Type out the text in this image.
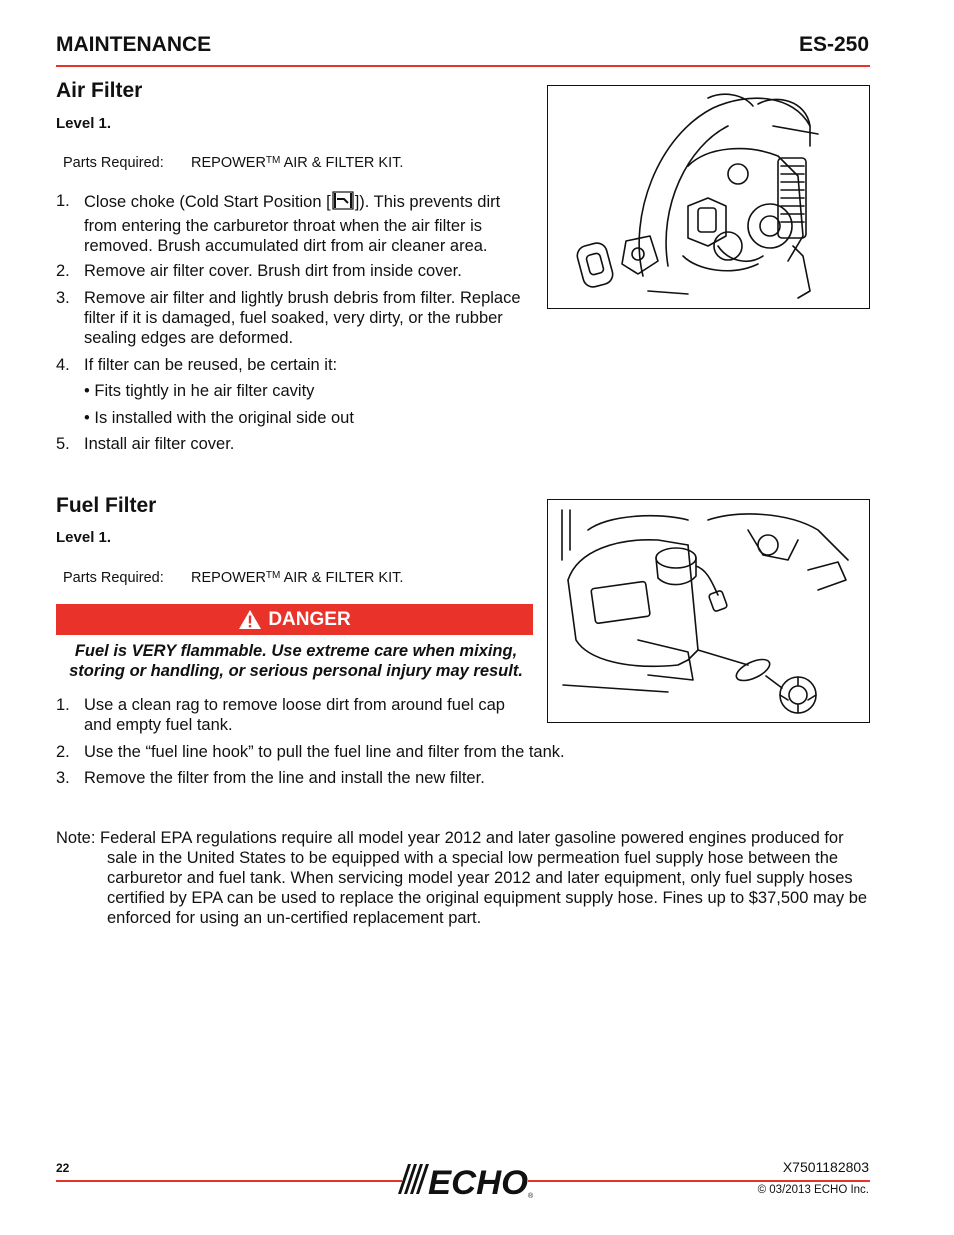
MAINTENANCE	ES-250
Air Filter
Level 1.
Parts Required: REPOWER™ AIR & FILTER KIT.
1. Close choke (Cold Start Position [ ]). This prevents dirt
from entering the carburetor throat when the air filter is
removed. Brush accumulated dirt from air cleaner area.
2. Remove air filter cover. Brush dirt from inside cover.
3. Remove air filter and lightly brush debris from filter. Replace
filter if it is damaged, fuel soaked, very dirty, or the rubber
sealing edges are deformed.
4. If filter can be reused, be certain it:
• Fits tightly in he air filter cavity
• Is installed with the original side out
5. Install air filter cover.
Fuel Filter
Level 1.
Parts Required: REPOWER™ AIR & FILTER KIT.
DANGER
Fuel is VERY flammable. Use extreme care when mixing,
storing or handling, or serious personal injury may result.
1. Use a clean rag to remove loose dirt from around fuel cap
and empty fuel tank.
2. Use the “fuel line hook” to pull the fuel line and filter from the tank.
3. Remove the filter from the line and install the new filter.
Note: Federal EPA regulations require all model year 2012 and later gasoline powered engines produced for
sale in the United States to be equipped with a special low permeation fuel supply hose between the carburetor and fuel tank. When servicing model year 2012 and later equipment, only fuel supply hoses certified by EPA can be used to replace the original equipment supply hose. Fines up to $37,500 may be enforced for using an un-certified replacement part.
22	ECHO ®
X7501182803
© 03/2013 ECHO Inc.
